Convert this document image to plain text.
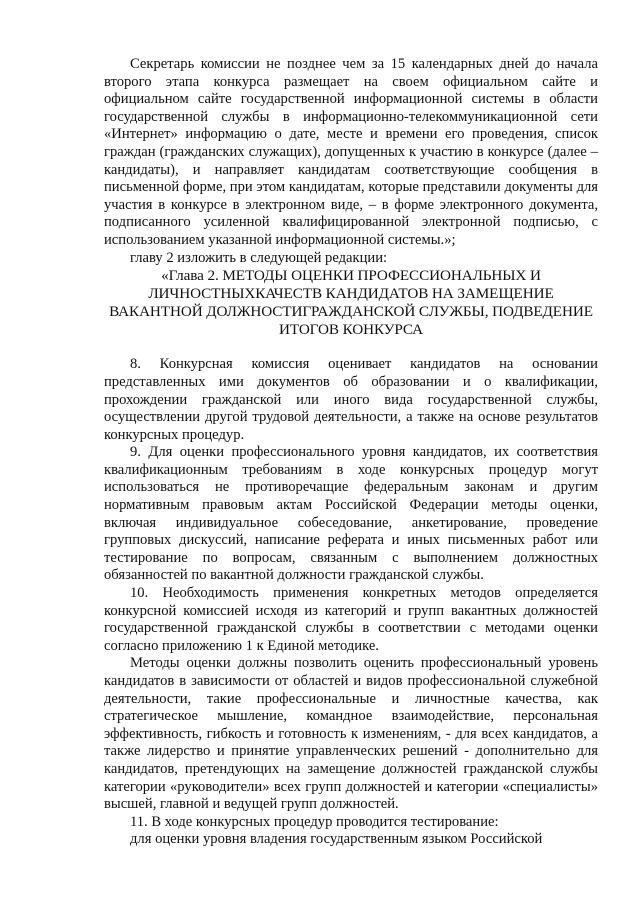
Секретарь комиссии не позднее чем за 15 календарных дней до начала второго этапа конкурса размещает на своем официальном сайте и официальном сайте государственной информационной системы в области государственной службы в информационно-телекоммуникационной сети «Интернет» информацию о дате, месте и времени его проведения, список граждан (гражданских служащих), допущенных к участию в конкурсе (далее – кандидаты), и направляет кандидатам соответствующие сообщения в письменной форме, при этом кандидатам, которые представили документы для участия в конкурсе в электронном виде, – в форме электронного документа, подписанного усиленной квалифицированной электронной подписью, с использованием указанной информационной системы.»;

главу 2 изложить в следующей редакции:

«Глава 2. МЕТОДЫ ОЦЕНКИ ПРОФЕССИОНАЛЬНЫХ И

ЛИЧНОСТНЫХКАЧЕСТВ КАНДИДАТОВ НА ЗАМЕЩЕНИЕ

ВАКАНТНОЙ ДОЛЖНОСТИГРАЖДАНСКОЙ СЛУЖБЫ, ПОДВЕДЕНИЕ

ИТОГОВ КОНКУРСА

8. Конкурсная комиссия оценивает кандидатов на основании представленных ими документов об образовании и о квалификации, прохождении гражданской или иного вида государственной службы, осуществлении другой трудовой деятельности, а также на основе результатов конкурсных процедур.

9. Для оценки профессионального уровня кандидатов, их соответствия квалификационным требованиям в ходе конкурсных процедур могут использоваться не противоречащие федеральным законам и другим нормативным правовым актам Российской Федерации методы оценки, включая индивидуальное собеседование, анкетирование, проведение групповых дискуссий, написание реферата и иных письменных работ или тестирование по вопросам, связанным с выполнением должностных обязанностей по вакантной должности гражданской службы.

10. Необходимость применения конкретных методов определяется конкурсной комиссией исходя из категорий и групп вакантных должностей государственной гражданской службы в соответствии с методами оценки согласно приложению 1 к Единой методике.

Методы оценки должны позволить оценить профессиональный уровень кандидатов в зависимости от областей и видов профессиональной служебной деятельности, такие профессиональные и личностные качества, как стратегическое мышление, командное взаимодействие, персональная эффективность, гибкость и готовность к изменениям, - для всех кандидатов, а также лидерство и принятие управленческих решений - дополнительно для кандидатов, претендующих на замещение должностей гражданской службы категории «руководители» всех групп должностей и категории «специалисты» высшей, главной и ведущей групп должностей.

11. В ходе конкурсных процедур проводится тестирование:

для оценки уровня владения государственным языком Российской
